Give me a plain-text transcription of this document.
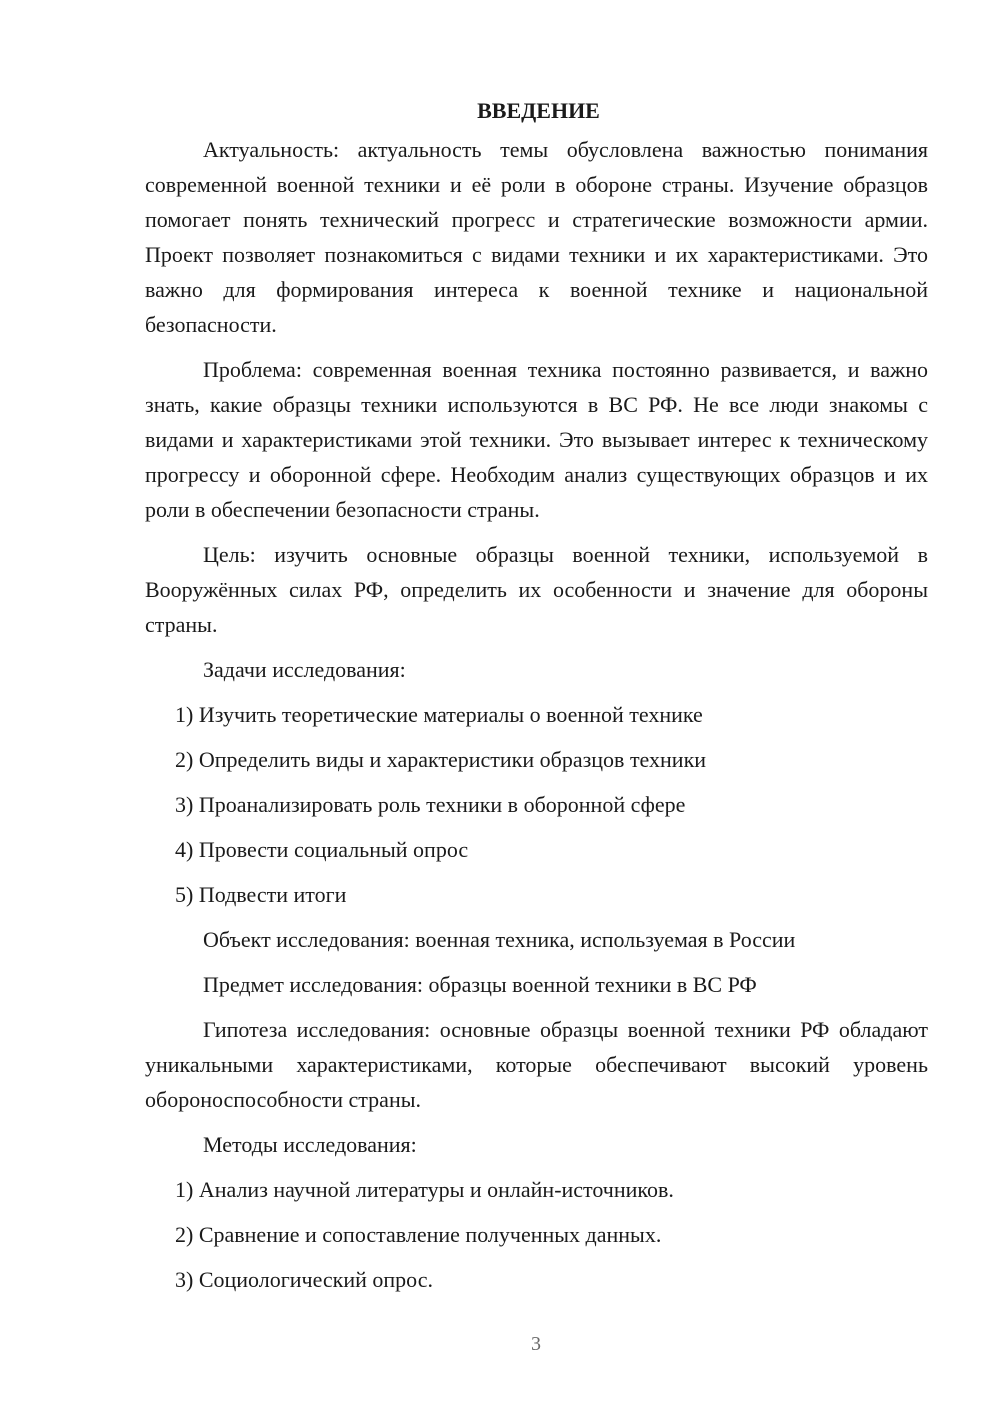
ВВЕДЕНИЕ

Актуальность: актуальность темы обусловлена важностью понимания современной военной техники и её роли в обороне страны. Изучение образцов помогает понять технический прогресс и стратегические возможности армии. Проект позволяет познакомиться с видами техники и их характеристиками. Это важно для формирования интереса к военной технике и национальной безопасности.

Проблема: современная военная техника постоянно развивается, и важно знать, какие образцы техники используются в ВС РФ. Не все люди знакомы с видами и характеристиками этой техники. Это вызывает интерес к техническому прогрессу и оборонной сфере. Необходим анализ существующих образцов и их роли в обеспечении безопасности страны.

Цель: изучить основные образцы военной техники, используемой в Вооружённых силах РФ, определить их особенности и значение для обороны страны.

Задачи исследования:

1) Изучить теоретические материалы о военной технике

2) Определить виды и характеристики образцов техники

3) Проанализировать роль техники в оборонной сфере

4) Провести социальный опрос

5) Подвести итоги

Объект исследования: военная техника, используемая в России

Предмет исследования: образцы военной техники в ВС РФ

Гипотеза исследования: основные образцы военной техники РФ обладают уникальными характеристиками, которые обеспечивают высокий уровень обороноспособности страны.

Методы исследования:

1) Анализ научной литературы и онлайн-источников.

2) Сравнение и сопоставление полученных данных.

3) Социологический опрос.

3
